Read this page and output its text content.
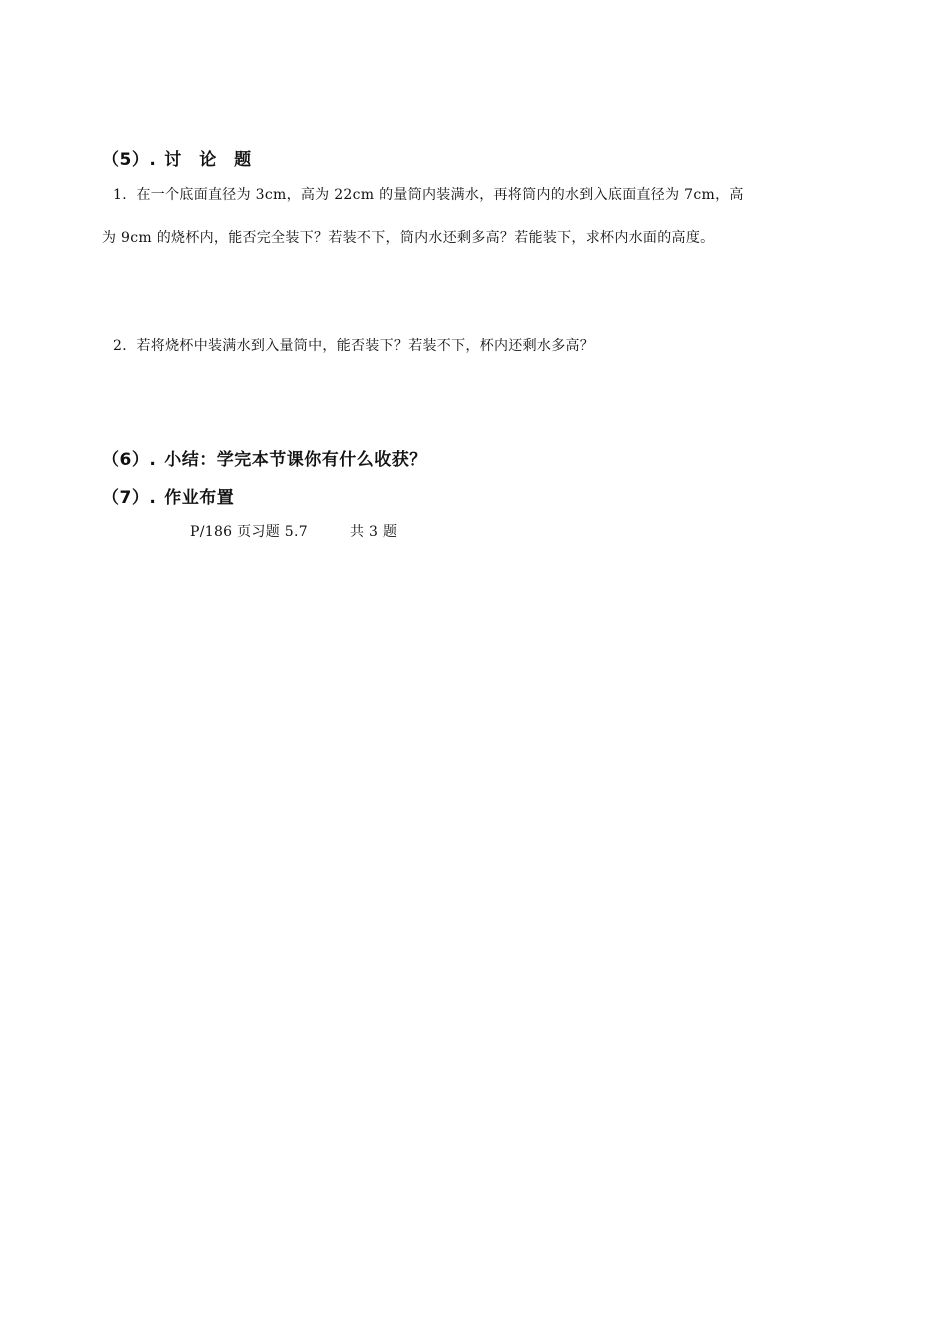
（5）. 讨 论 题
1．在一个底面直径为 3cm，高为 22cm 的量筒内装满水，再将筒内的水到入底面直径为 7cm，高
为 9cm 的烧杯内，能否完全装下？若装不下，筒内水还剩多高？若能装下，求杯内水面的高度。
2．若将烧杯中装满水到入量筒中，能否装下？若装不下，杯内还剩水多高？
（6）. 小结：学完本节课你有什么收获？
（7）. 作业布置
P/186 页习题 5.7	共 3 题
